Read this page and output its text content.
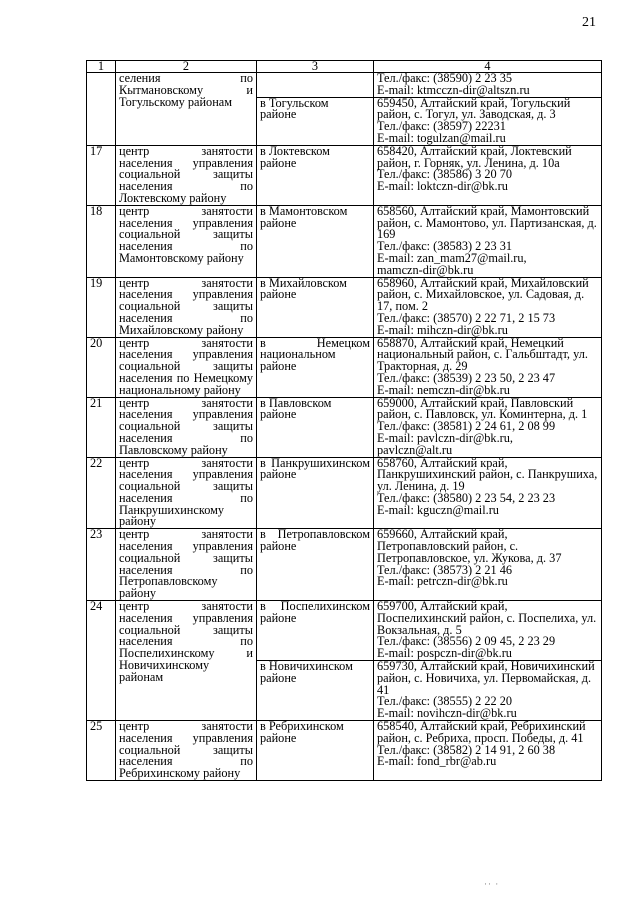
21
1	2	3	4
	селения по Кытмановскому и Тогульскому районам		Тел./факс: (38590) 2 23 35
E-mail: ktmcczn-dir@altszn.ru
		в Тогульском
районе	659450, Алтайский край, Тогульский район, с. Тогул, ул. Заводская, д. 3
Тел./факс: (38597) 22231
E-mail: togulzan@mail.ru
17	центр занятости населения управления социальной защиты населения по Локтевскому району	в Локтевском
районе	658420, Алтайский край, Локтевский район, г. Горняк, ул. Ленина, д. 10а
Тел./факс: (38586) 3 20 70
E-mail: loktczn-dir@bk.ru
18	центр занятости населения управления социальной защиты населения по Мамонтовскому району	в Мамонтовском
районе	658560, Алтайский край, Мамонтовский район, с. Мамонтово, ул. Партизанская, д. 169
Тел./факс: (38583) 2 23 31
E-mail: zan_mam27@mail.ru,
mamczn-dir@bk.ru
19	центр занятости населения управления социальной защиты населения по Михайловскому району	в Михайловском
районе	658960, Алтайский край, Михайловский район, с. Михайловское, ул. Садовая, д. 17, пом. 2
Тел./факс: (38570) 2 22 71, 2 15 73
E-mail: mihczn-dir@bk.ru
20	центр занятости населения управления социальной защиты населения по Немецкому национальному району	в Немецком национальном районе	658870, Алтайский край, Немецкий национальный район, с. Гальбштадт, ул. Тракторная, д. 29
Тел./факс: (38539) 2 23 50, 2 23 47
E-mail: nemczn-dir@bk.ru
21	центр занятости населения управления социальной защиты населения по Павловскому району	в Павловском
районе	659000, Алтайский край, Павловский район, с. Павловск, ул. Коминтерна, д. 1
Тел./факс: (38581) 2 24 61, 2 08 99
E-mail: pavlczn-dir@bk.ru,
pavlczn@alt.ru
22	центр занятости населения управления социальной защиты населения по Панкрушихинскому району	в Панкрушихинском районе	658760, Алтайский край, Панкрушихинский район, с. Панкрушиха, ул. Ленина, д. 19
Тел./факс: (38580) 2 23 54, 2 23 23
E-mail: kguczn@mail.ru
23	центр занятости населения управления социальной защиты населения по Петропавловскому району	в Петропавловском районе	659660, Алтайский край, Петропавловский район, с. Петропавловское, ул. Жукова, д. 37
Тел./факс: (38573) 2 21 46
E-mail: petrczn-dir@bk.ru
24	центр занятости населения управления социальной защиты населения по Поспелихинскому и Новичихинскому районам	в Поспелихинском районе	659700, Алтайский край, Поспелихинский район, с. Поспелиха, ул. Вокзальная, д. 5
Тел./факс: (38556) 2 09 45, 2 23 29
E-mail: pospczn-dir@bk.ru
		в Новичихинском
районе	659730, Алтайский край, Новичихинский район, с. Новичиха, ул. Первомайская, д. 41
Тел./факс: (38555) 2 22 20
E-mail: novihczn-dir@bk.ru
25	центр занятости населения управления социальной защиты населения по Ребрихинскому району	в Ребрихинском
районе	658540, Алтайский край, Ребрихинский район, с. Ребриха, просп. Победы, д. 41
Тел./факс: (38582) 2 14 91, 2 60 38
E-mail: fond_rbr@ab.ru
·· ·
